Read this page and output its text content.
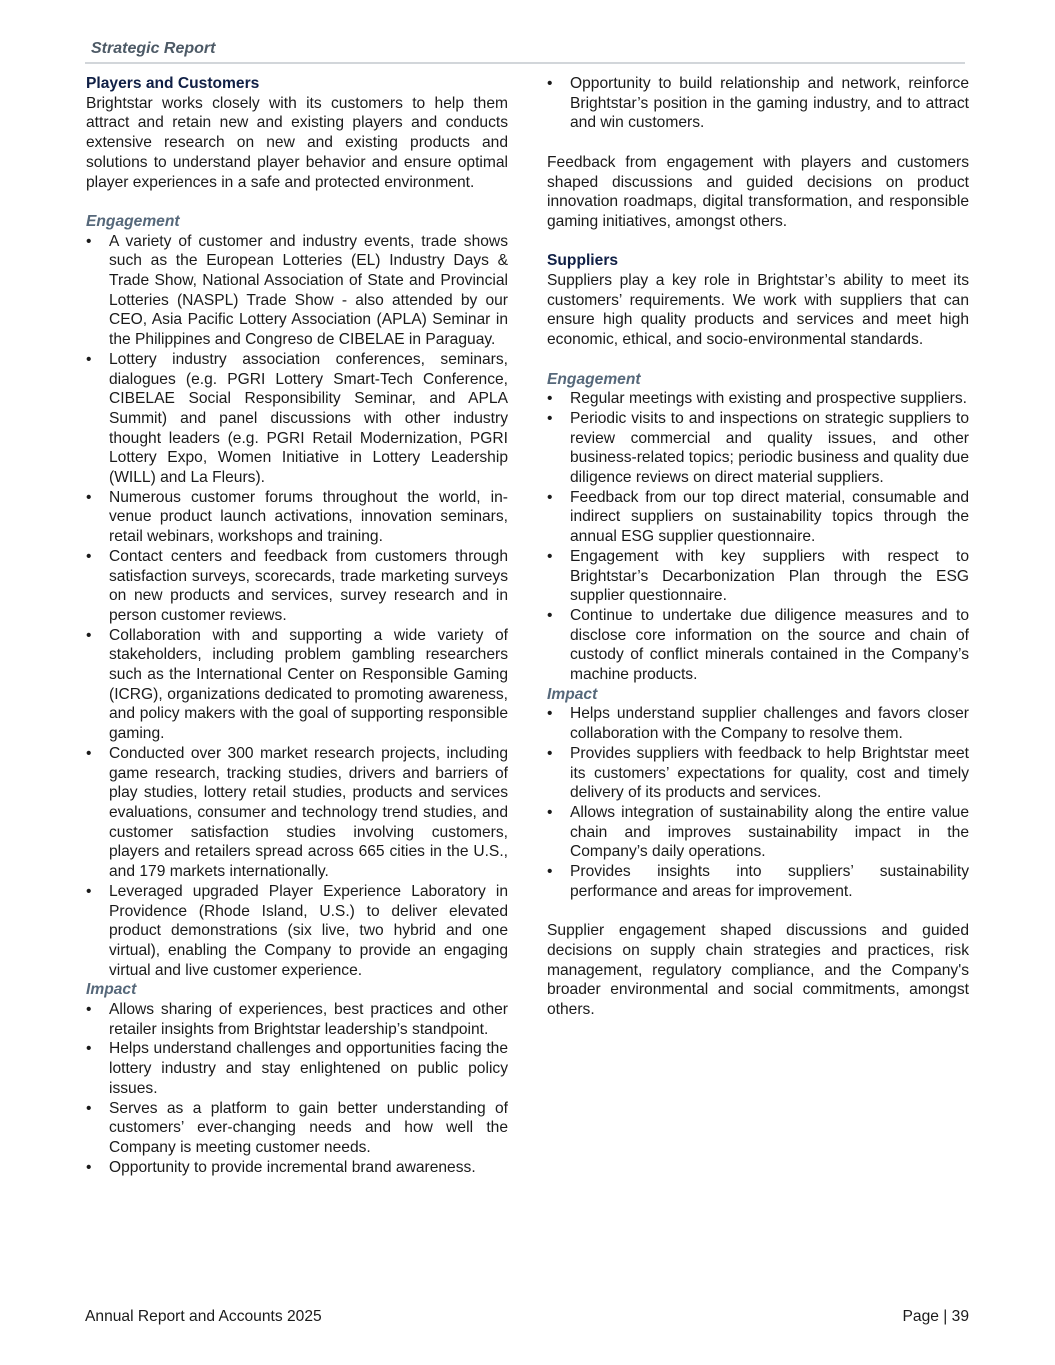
Strategic Report
Players and Customers

Brightstar works closely with its customers to help them attract and retain new and existing players and conducts extensive research on new and existing products and solutions to understand player behavior and ensure optimal player experiences in a safe and protected environment.

Engagement
• A variety of customer and industry events, trade shows such as the European Lotteries (EL) Industry Days & Trade Show, National Association of State and Provincial Lotteries (NASPL) Trade Show - also attended by our CEO, Asia Pacific Lottery Association (APLA) Seminar in the Philippines and Congreso de CIBELAE in Paraguay.
• Lottery industry association conferences, seminars, dialogues (e.g. PGRI Lottery Smart-Tech Conference, CIBELAE Social Responsibility Seminar, and APLA Summit) and panel discussions with other industry thought leaders (e.g. PGRI Retail Modernization, PGRI Lottery Expo, Women Initiative in Lottery Leadership (WILL) and La Fleurs).
• Numerous customer forums throughout the world, in-venue product launch activations, innovation seminars, retail webinars, workshops and training.
• Contact centers and feedback from customers through satisfaction surveys, scorecards, trade marketing surveys on new products and services, survey research and in person customer reviews.
• Collaboration with and supporting a wide variety of stakeholders, including problem gambling researchers such as the International Center on Responsible Gaming (ICRG), organizations dedicated to promoting awareness, and policy makers with the goal of supporting responsible gaming.
• Conducted over 300 market research projects, including game research, tracking studies, drivers and barriers of play studies, lottery retail studies, products and services evaluations, consumer and technology trend studies, and customer satisfaction studies involving customers, players and retailers spread across 665 cities in the U.S., and 179 markets internationally.
• Leveraged upgraded Player Experience Laboratory in Providence (Rhode Island, U.S.) to deliver elevated product demonstrations (six live, two hybrid and one virtual), enabling the Company to provide an engaging virtual and live customer experience.
Impact
• Allows sharing of experiences, best practices and other retailer insights from Brightstar leadership’s standpoint.
• Helps understand challenges and opportunities facing the lottery industry and stay enlightened on public policy issues.
• Serves as a platform to gain better understanding of customers’ ever-changing needs and how well the Company is meeting customer needs.
• Opportunity to provide incremental brand awareness.
• Opportunity to build relationship and network, reinforce Brightstar’s position in the gaming industry, and to attract and win customers.

Feedback from engagement with players and customers shaped discussions and guided decisions on product innovation roadmaps, digital transformation, and responsible gaming initiatives, amongst others.

Suppliers

Suppliers play a key role in Brightstar’s ability to meet its customers’ requirements. We work with suppliers that can ensure high quality products and services and meet high economic, ethical, and socio-environmental standards.

Engagement
• Regular meetings with existing and prospective suppliers.
• Periodic visits to and inspections on strategic suppliers to review commercial and quality issues, and other business-related topics; periodic business and quality due diligence reviews on direct material suppliers.
• Feedback from our top direct material, consumable and indirect suppliers on sustainability topics through the annual ESG supplier questionnaire.
• Engagement with key suppliers with respect to Brightstar’s Decarbonization Plan through the ESG supplier questionnaire.
• Continue to undertake due diligence measures and to disclose core information on the source and chain of custody of conflict minerals contained in the Company’s machine products.
Impact
• Helps understand supplier challenges and favors closer collaboration with the Company to resolve them.
• Provides suppliers with feedback to help Brightstar meet its customers’ expectations for quality, cost and timely delivery of its products and services.
• Allows integration of sustainability along the entire value chain and improves sustainability impact in the Company’s daily operations.
• Provides insights into suppliers’ sustainability performance and areas for improvement.

Supplier engagement shaped discussions and guided decisions on supply chain strategies and practices, risk management, regulatory compliance, and the Company's broader environmental and social commitments, amongst others.

Annual Report and Accounts 2025	Page | 39
